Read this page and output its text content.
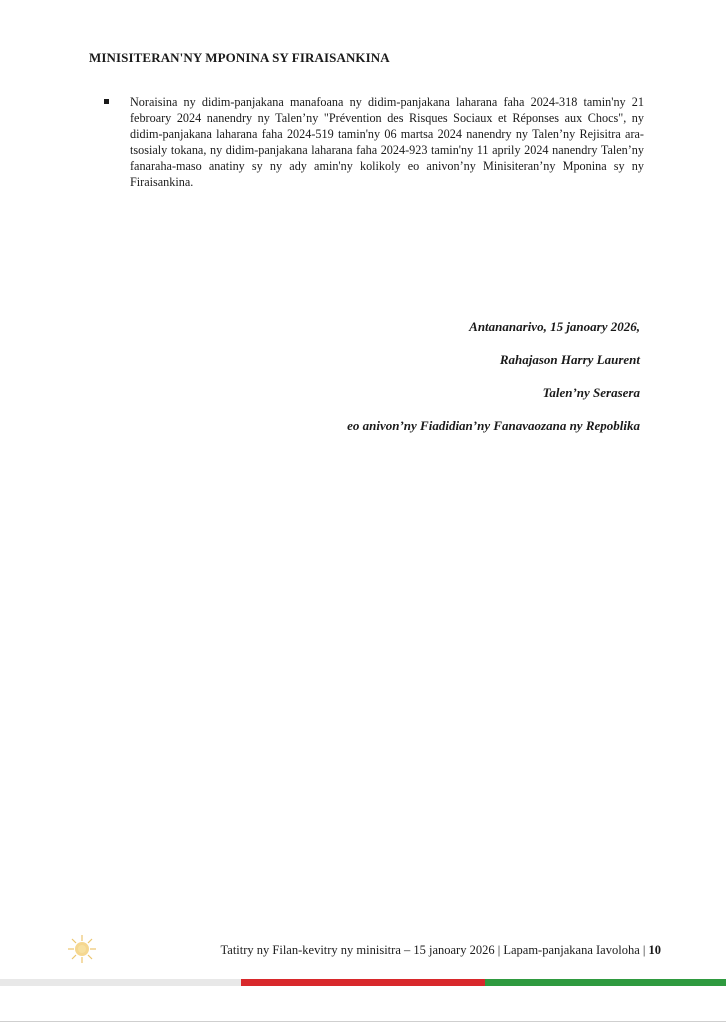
MINISITERAN'NY MPONINA SY FIRAISANKINA
Noraisina ny didim-panjakana manafoana ny didim-panjakana laharana faha 2024-318 tamin'ny 21 febroary 2024 nanendry ny Talen’ny "Prévention des Risques Sociaux et Réponses aux Chocs", ny didim-panjakana laharana faha 2024-519 tamin'ny 06 martsa 2024 nanendry ny Talen’ny Rejisitra ara-tsosialy tokana, ny didim-panjakana laharana faha 2024-923 tamin'ny 11 aprily 2024 nanendry Talen’ny fanaraha-maso anatiny sy ny ady amin'ny kolikoly eo anivon’ny Minisiteran’ny Mponina sy ny Firaisankina.
Antananarivo, 15 janoary 2026,
Rahajason Harry Laurent
Talen’ny Serasera
eo anivon’ny Fiadidian’ny Fanavaozana ny Repoblika
Tatitry ny Filan-kevitry ny minisitra – 15 janoary 2026 | Lapam-panjakana Iavoloha | 10
